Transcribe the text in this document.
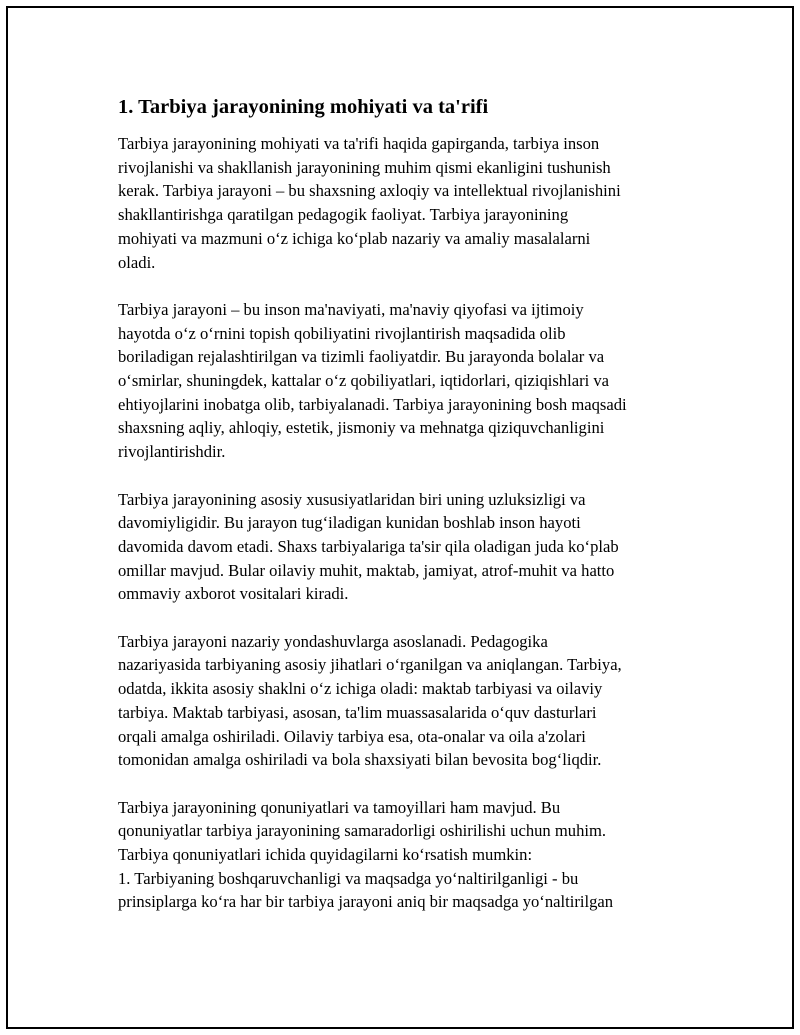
1. Tarbiya jarayonining mohiyati va ta'rifi
Tarbiya jarayonining mohiyati va ta'rifi haqida gapirganda, tarbiya inson
rivojlanishi va shakllanish jarayonining muhim qismi ekanligini tushunish
kerak. Tarbiya jarayoni – bu shaxsning axloqiy va intellektual rivojlanishini
shakllantirishga qaratilgan pedagogik faoliyat. Tarbiya jarayonining
mohiyati va mazmuni o‘z ichiga ko‘plab nazariy va amaliy masalalarni
oladi.
Tarbiya jarayoni – bu inson ma'naviyati, ma'naviy qiyofasi va ijtimoiy
hayotda o‘z o‘rnini topish qobiliyatini rivojlantirish maqsadida olib
boriladigan rejalashtirilgan va tizimli faoliyatdir. Bu jarayonda bolalar va
o‘smirlar, shuningdek, kattalar o‘z qobiliyatlari, iqtidorlari, qiziqishlari va
ehtiyojlarini inobatga olib, tarbiyalanadi. Tarbiya jarayonining bosh maqsadi
shaxsning aqliy, ahloqiy, estetik, jismoniy va mehnatga qiziquvchanligini
rivojlantirishdir.
Tarbiya jarayonining asosiy xususiyatlaridan biri uning uzluksizligi va
davomiyligidir. Bu jarayon tug‘iladigan kunidan boshlab inson hayoti
davomida davom etadi. Shaxs tarbiyalariga ta'sir qila oladigan juda ko‘plab
omillar mavjud. Bular oilaviy muhit, maktab, jamiyat, atrof-muhit va hatto
ommaviy axborot vositalari kiradi.
Tarbiya jarayoni nazariy yondashuvlarga asoslanadi. Pedagogika
nazariyasida tarbiyaning asosiy jihatlari o‘rganilgan va aniqlangan. Tarbiya,
odatda, ikkita asosiy shaklni o‘z ichiga oladi: maktab tarbiyasi va oilaviy
tarbiya. Maktab tarbiyasi, asosan, ta'lim muassasalarida o‘quv dasturlari
orqali amalga oshiriladi. Oilaviy tarbiya esa, ota-onalar va oila a'zolari
tomonidan amalga oshiriladi va bola shaxsiyati bilan bevosita bog‘liqdir.
Tarbiya jarayonining qonuniyatlari va tamoyillari ham mavjud. Bu
qonuniyatlar tarbiya jarayonining samaradorligi oshirilishi uchun muhim.
Tarbiya qonuniyatlari ichida quyidagilarni ko‘rsatish mumkin:
1. Tarbiyaning boshqaruvchanligi va maqsadga yo‘naltirilganligi - bu
prinsiplarga ko‘ra har bir tarbiya jarayoni aniq bir maqsadga yo‘naltirilgan
